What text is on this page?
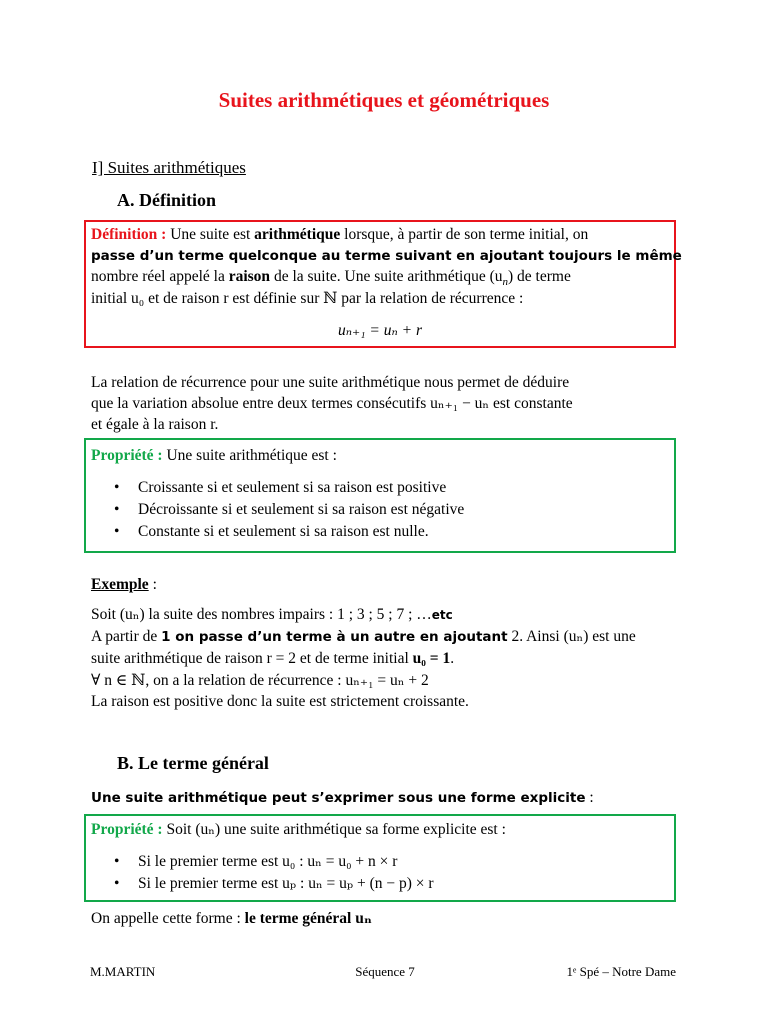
Suites arithmétiques et géométriques
I] Suites arithmétiques
A. Définition
Définition : Une suite est arithmétique lorsque, à partir de son terme initial, on
passe d’un terme quelconque au terme suivant en ajoutant toujours le même
nombre réel appelé la raison de la suite. Une suite arithmétique $(u_n)$ de terme
initial u₀ et de raison r est définie sur ℕ par la relation de récurrence :
uₙ₊₁ = uₙ + r
La relation de récurrence pour une suite arithmétique nous permet de déduire
que la variation absolue entre deux termes consécutifs uₙ₊₁ − uₙ est constante
et égale à la raison r.
Propriété : Une suite arithmétique est :
• Croissante si et seulement si sa raison est positive
• Décroissante si et seulement si sa raison est négative
• Constante si et seulement si sa raison est nulle.
Exemple :
Soit (uₙ) la suite des nombres impairs : 1 ; 3 ; 5 ; 7 ; …etc
A partir de 1 on passe d’un terme à un autre en ajoutant 2. Ainsi (uₙ) est une
suite arithmétique de raison r = 2 et de terme initial u₀ = 1.
∀ n ∈ ℕ, on a la relation de récurrence : uₙ₊₁ = uₙ + 2
La raison est positive donc la suite est strictement croissante.
B. Le terme général
Une suite arithmétique peut s’exprimer sous une forme explicite :
Propriété : Soit (uₙ) une suite arithmétique sa forme explicite est :
• Si le premier terme est u₀ : uₙ = u₀ + n × r
• Si le premier terme est uₚ : uₙ = uₚ + (n − p) × r
On appelle cette forme : le terme général uₙ
M.MARTIN	Séquence 7	1ᵉ Spé – Notre Dame
